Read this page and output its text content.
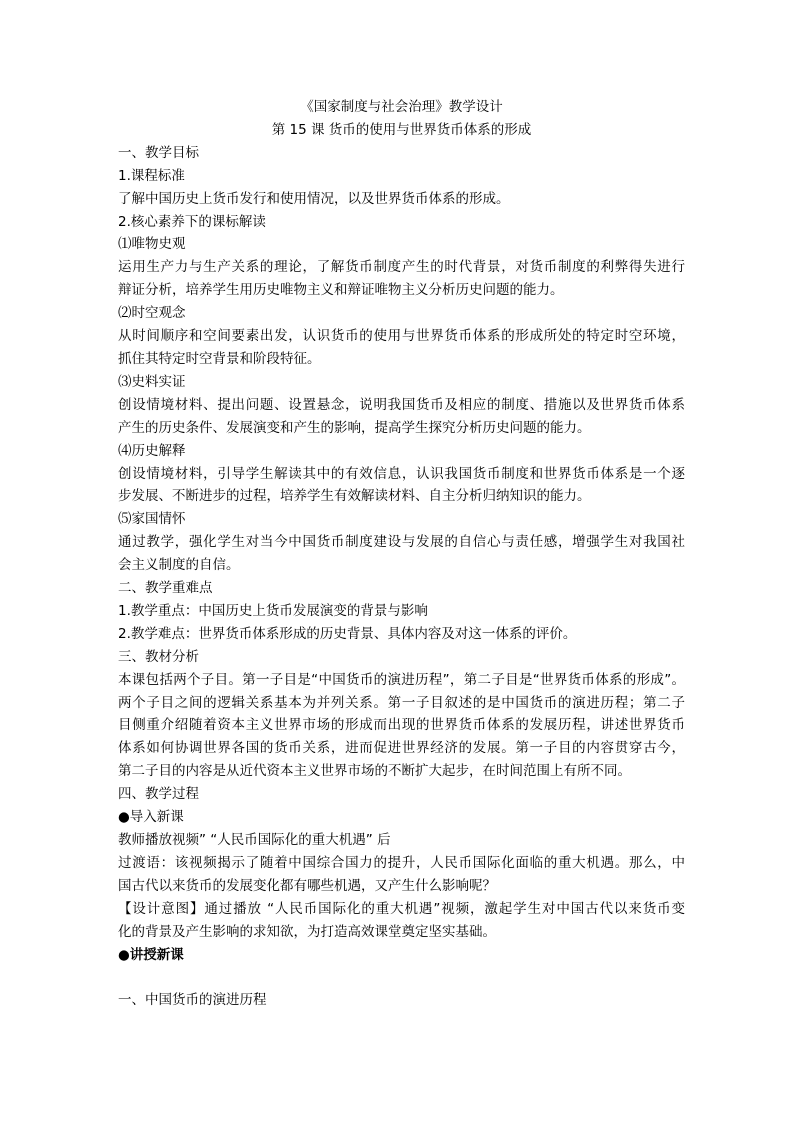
《国家制度与社会治理》教学设计
第 15 课 货币的使用与世界货币体系的形成
一、教学目标
1.课程标准
了解中国历史上货币发行和使用情况，以及世界货币体系的形成。
2.核心素养下的课标解读
⑴唯物史观
运用生产力与生产关系的理论，了解货币制度产生的时代背景，对货币制度的利弊得失进行
辩证分析，培养学生用历史唯物主义和辩证唯物主义分析历史问题的能力。
⑵时空观念
从时间顺序和空间要素出发，认识货币的使用与世界货币体系的形成所处的特定时空环境，
抓住其特定时空背景和阶段特征。
⑶史料实证
创设情境材料、提出问题、设置悬念，说明我国货币及相应的制度、措施以及世界货币体系
产生的历史条件、发展演变和产生的影响，提高学生探究分析历史问题的能力。
⑷历史解释
创设情境材料，引导学生解读其中的有效信息，认识我国货币制度和世界货币体系是一个逐
步发展、不断进步的过程，培养学生有效解读材料、自主分析归纳知识的能力。
⑸家国情怀
通过教学，强化学生对当今中国货币制度建设与发展的自信心与责任感，增强学生对我国社
会主义制度的自信。
二、教学重难点
1.教学重点：中国历史上货币发展演变的背景与影响
2.教学难点：世界货币体系形成的历史背景、具体内容及对这一体系的评价。
三、教材分析
本课包括两个子目。第一子目是“中国货币的演进历程”，第二子目是“世界货币体系的形成”。
两个子目之间的逻辑关系基本为并列关系。第一子目叙述的是中国货币的演进历程；第二子
目侧重介绍随着资本主义世界市场的形成而出现的世界货币体系的发展历程，讲述世界货币
体系如何协调世界各国的货币关系，进而促进世界经济的发展。第一子目的内容贯穿古今，
第二子目的内容是从近代资本主义世界市场的不断扩大起步，在时间范围上有所不同。
四、教学过程
●导入新课
教师播放视频” “人民币国际化的重大机遇” 后
过渡语：该视频揭示了随着中国综合国力的提升，人民币国际化面临的重大机遇。那么，中
国古代以来货币的发展变化都有哪些机遇，又产生什么影响呢？
【设计意图】通过播放 “人民币国际化的重大机遇”视频，激起学生对中国古代以来货币变
化的背景及产生影响的求知欲，为打造高效课堂奠定坚实基础。
●讲授新课
一、中国货币的演进历程
